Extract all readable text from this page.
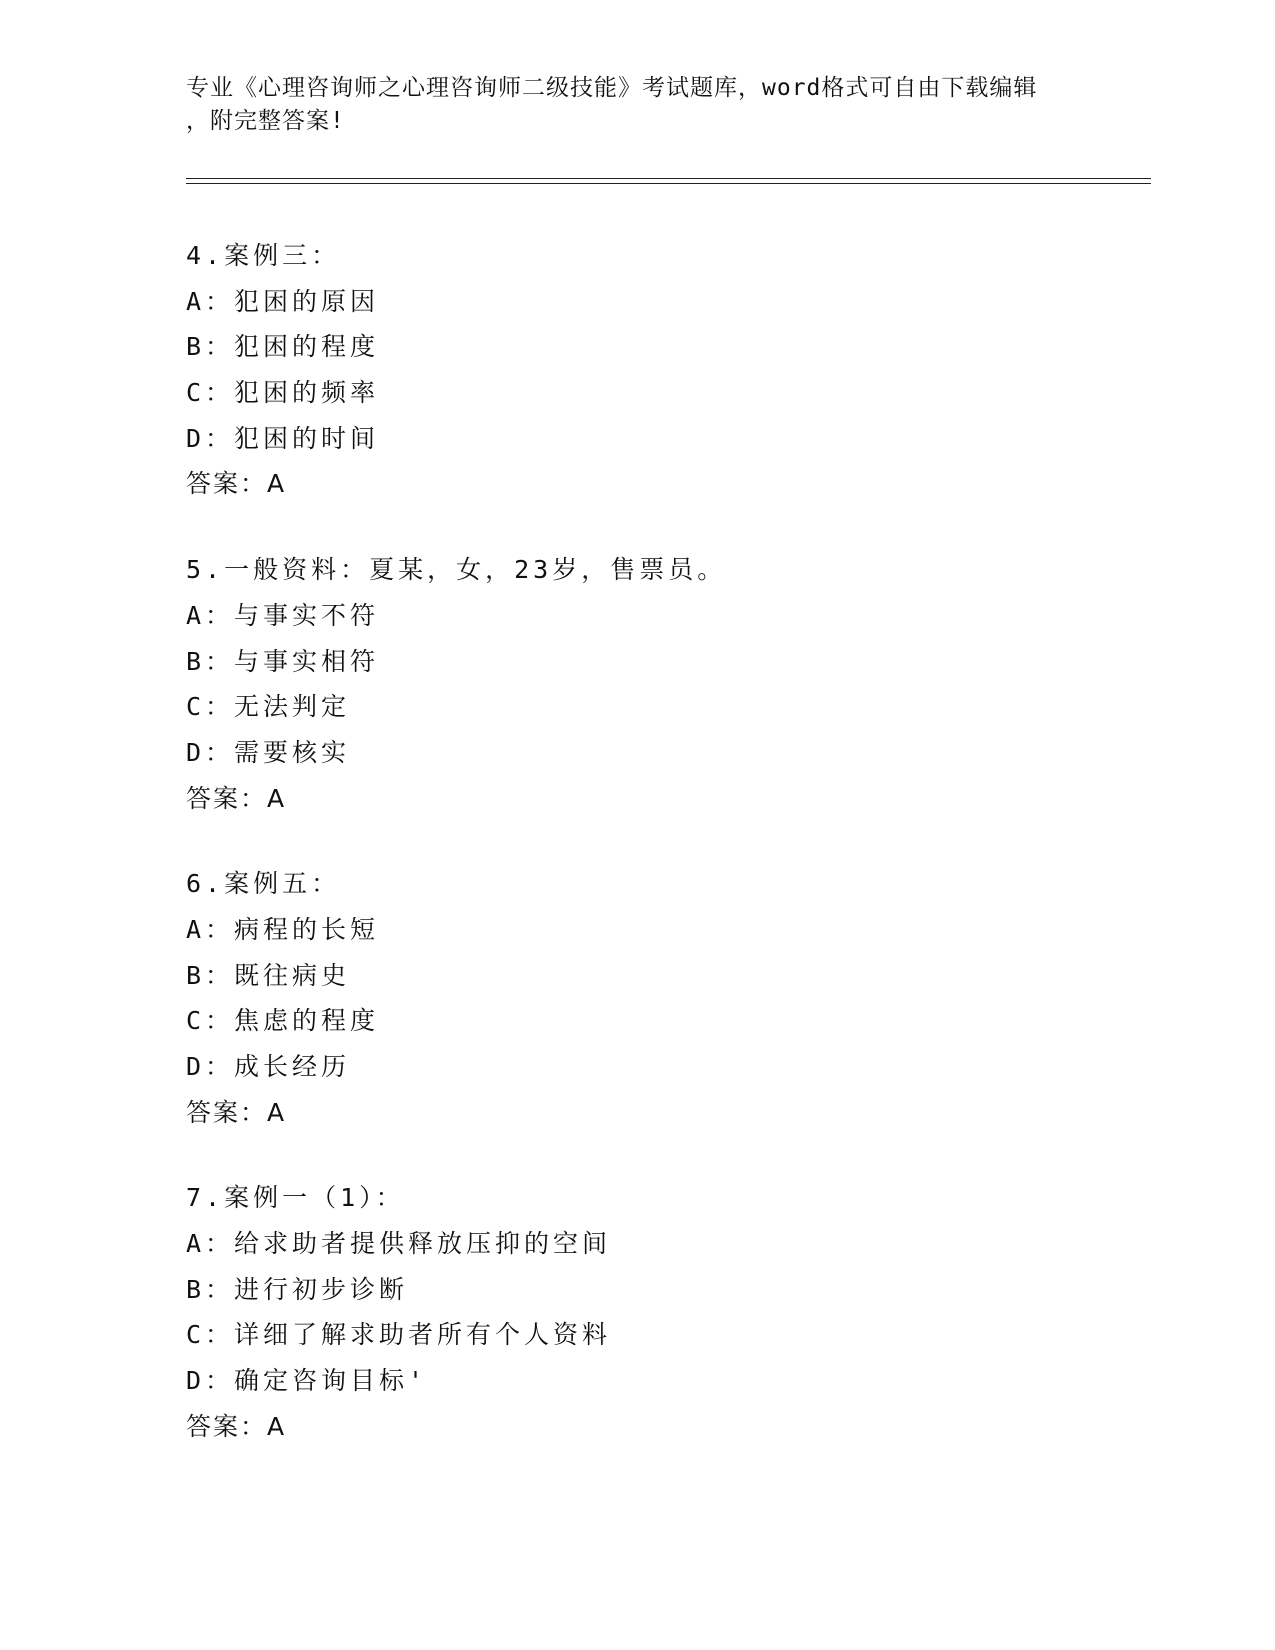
专业《心理咨询师之心理咨询师二级技能》考试题库，word格式可自由下载编辑
，附完整答案!
4.案例三：
A：犯困的原因
B：犯困的程度
C：犯困的频率
D：犯困的时间
答案：A
5.一般资料：夏某，女，23岁，售票员。
A：与事实不符
B：与事实相符
C：无法判定
D：需要核实
答案：A
6.案例五：
A：病程的长短
B：既往病史
C：焦虑的程度
D：成长经历
答案：A
7.案例一（1）：
A：给求助者提供释放压抑的空间
B：进行初步诊断
C：详细了解求助者所有个人资料
D：确定咨询目标'
答案：A
